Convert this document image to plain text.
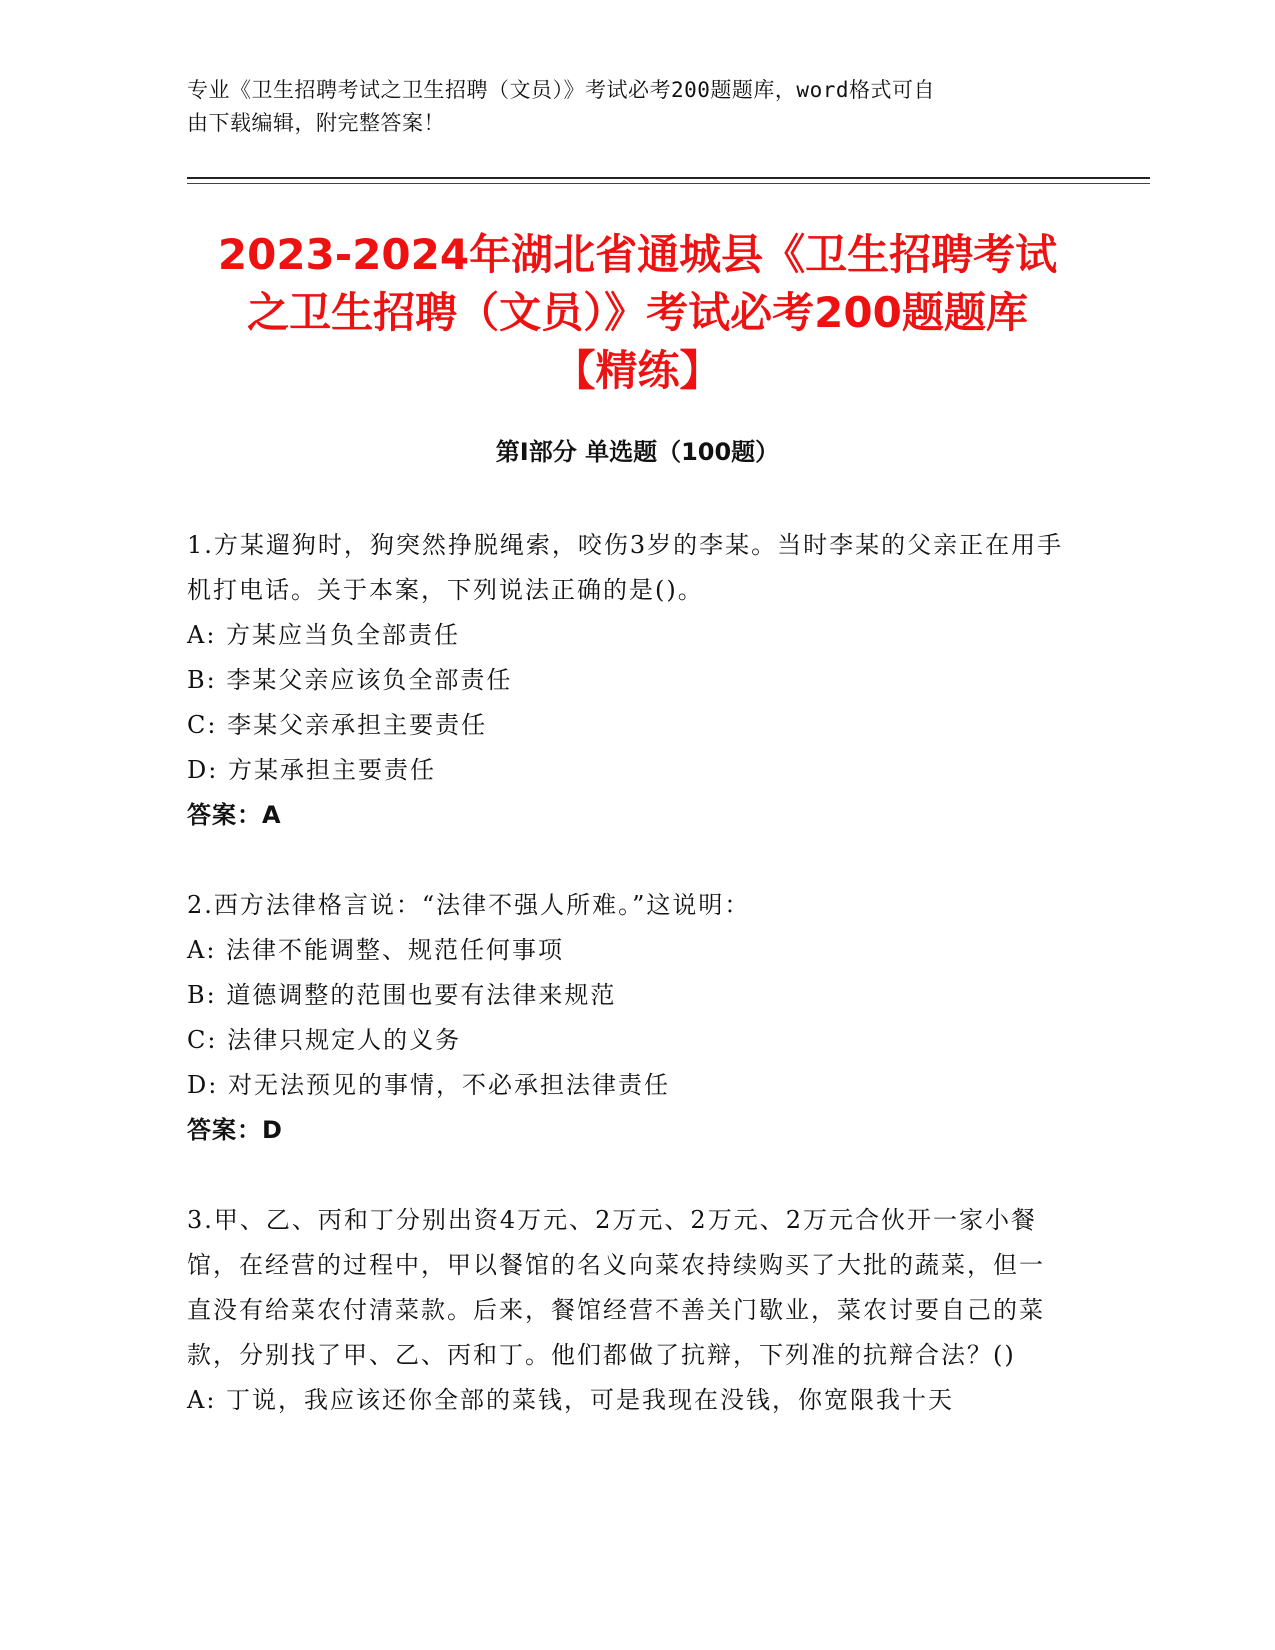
专业《卫生招聘考试之卫生招聘（文员）》考试必考200题题库，word格式可自
由下载编辑，附完整答案！
2023-2024年湖北省通城县《卫生招聘考试
之卫生招聘（文员）》考试必考200题题库
【精练】
第Ⅰ部分 单选题（100题）
1.方某遛狗时，狗突然挣脱绳索，咬伤3岁的李某。当时李某的父亲正在用手机打电话。关于本案，下列说法正确的是()。
A: 方某应当负全部责任
B: 李某父亲应该负全部责任
C: 李某父亲承担主要责任
D: 方某承担主要责任
答案：A
2.西方法律格言说：“法律不强人所难。”这说明：
A: 法律不能调整、规范任何事项
B: 道德调整的范围也要有法律来规范
C: 法律只规定人的义务
D: 对无法预见的事情，不必承担法律责任
答案：D
3.甲、乙、丙和丁分别出资4万元、2万元、2万元、2万元合伙开一家小餐馆，在经营的过程中，甲以餐馆的名义向菜农持续购买了大批的蔬菜，但一直没有给菜农付清菜款。后来，餐馆经营不善关门歇业，菜农讨要自己的菜款，分别找了甲、乙、丙和丁。他们都做了抗辩，下列准的抗辩合法？()
A: 丁说，我应该还你全部的菜钱，可是我现在没钱，你宽限我十天
